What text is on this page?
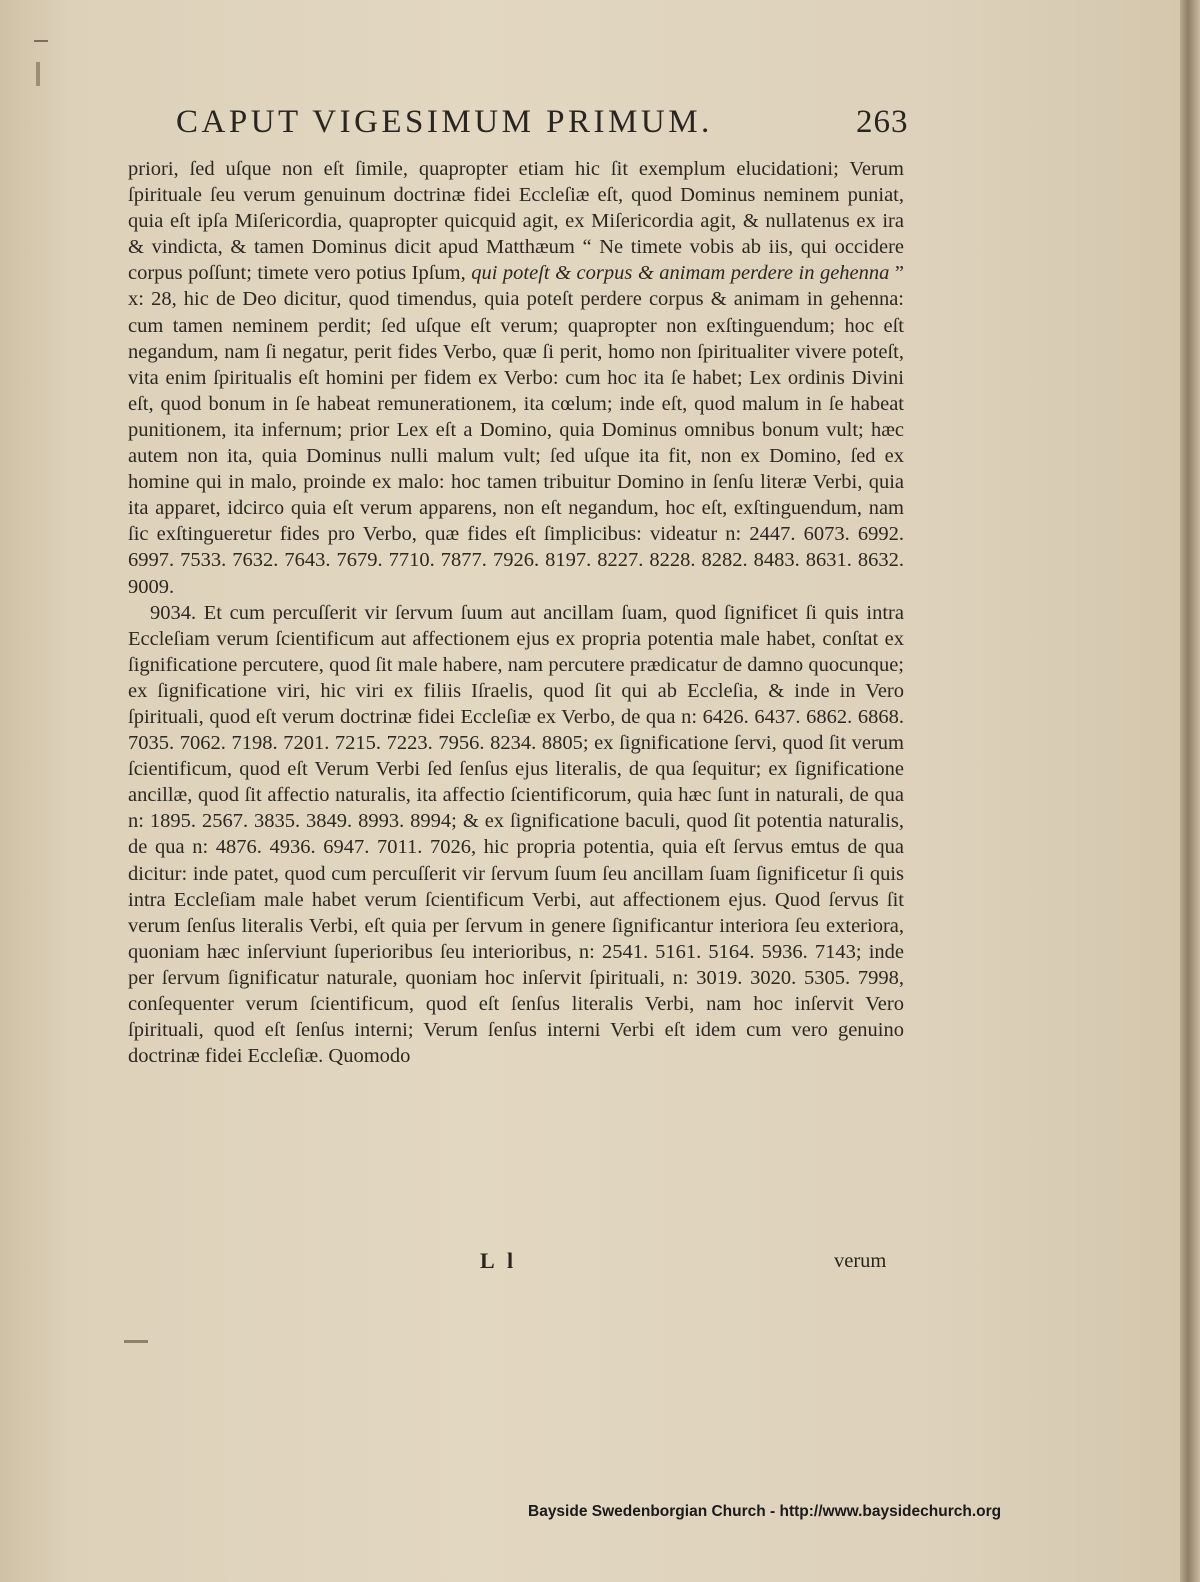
CAPUT VIGESIMUM PRIMUM.	263

priori, ſed uſque non eſt ſimile, quapropter etiam hic ſit exemplum elucidationi; Verum ſpirituale ſeu verum genuinum doctrinæ fidei Eccleſiæ eſt, quod Dominus neminem puniat, quia eſt ipſa Miſericordia, quapropter quicquid agit, ex Miſericordia agit, & nullatenus ex ira & vindicta, & tamen Dominus dicit apud Matthæum “ Ne timete vobis ab iis, qui occidere corpus poſſunt; timete vero potius Ipſum, qui poteſt & corpus & animam perdere in gehenna ” x: 28, hic de Deo dicitur, quod timendus, quia poteſt perdere corpus & animam in gehenna: cum tamen neminem perdit; ſed uſque eſt verum; quapropter non exſtinguendum; hoc eſt negandum, nam ſi negatur, perit fides Verbo, quæ ſi perit, homo non ſpiritualiter vivere poteſt, vita enim ſpiritualis eſt homini per fidem ex Verbo: cum hoc ita ſe habet; Lex ordinis Divini eſt, quod bonum in ſe habeat remunerationem, ita cœlum; inde eſt, quod malum in ſe habeat punitionem, ita infernum; prior Lex eſt a Domino, quia Dominus omnibus bonum vult; hæc autem non ita, quia Dominus nulli malum vult; ſed uſque ita fit, non ex Domino, ſed ex homine qui in malo, proinde ex malo: hoc tamen tribuitur Domino in ſenſu literæ Verbi, quia ita apparet, idcirco quia eſt verum apparens, non eſt negandum, hoc eſt, exſtinguendum, nam ſic exſtingueretur fides pro Verbo, quæ fides eſt ſimplicibus: videatur n: 2447. 6073. 6992. 6997. 7533. 7632. 7643. 7679. 7710. 7877. 7926. 8197. 8227. 8228. 8282. 8483. 8631. 8632. 9009.

9034. Et cum percuſſerit vir ſervum ſuum aut ancillam ſuam, quod ſignificet ſi quis intra Eccleſiam verum ſcientificum aut affectionem ejus ex propria potentia male habet, conſtat ex ſignificatione percutere, quod ſit male habere, nam percutere prædicatur de damno quocunque; ex ſignificatione viri, hic viri ex filiis Iſraelis, quod ſit qui ab Eccleſia, & inde in Vero ſpirituali, quod eſt verum doctrinæ fidei Eccleſiæ ex Verbo, de qua n: 6426. 6437. 6862. 6868. 7035. 7062. 7198. 7201. 7215. 7223. 7956. 8234. 8805; ex ſignificatione ſervi, quod ſit verum ſcientificum, quod eſt Verum Verbi ſed ſenſus ejus literalis, de qua ſequitur; ex ſignificatione ancillæ, quod ſit affectio naturalis, ita affectio ſcientificorum, quia hæc ſunt in naturali, de qua n: 1895. 2567. 3835. 3849. 8993. 8994; & ex ſignificatione baculi, quod ſit potentia naturalis, de qua n: 4876. 4936. 6947. 7011. 7026, hic propria potentia, quia eſt ſervus emtus de qua dicitur: inde patet, quod cum percuſſerit vir ſervum ſuum ſeu ancillam ſuam ſignificetur ſi quis intra Eccleſiam male habet verum ſcientificum Verbi, aut affectionem ejus. Quod ſervus ſit verum ſenſus literalis Verbi, eſt quia per ſervum in genere ſignificantur interiora ſeu exteriora, quoniam hæc inſerviunt ſuperioribus ſeu interioribus, n: 2541. 5161. 5164. 5936. 7143; inde per ſervum ſignificatur naturale, quoniam hoc inſervit ſpirituali, n: 3019. 3020. 5305. 7998, conſequenter verum ſcientificum, quod eſt ſenſus literalis Verbi, nam hoc inſervit Vero ſpirituali, quod eſt ſenſus interni; Verum ſenſus interni Verbi eſt idem cum vero genuino doctrinæ fidei Eccleſiæ. Quomodo

L l	verum
Bayside Swedenborgian Church - http://www.baysidechurch.org
